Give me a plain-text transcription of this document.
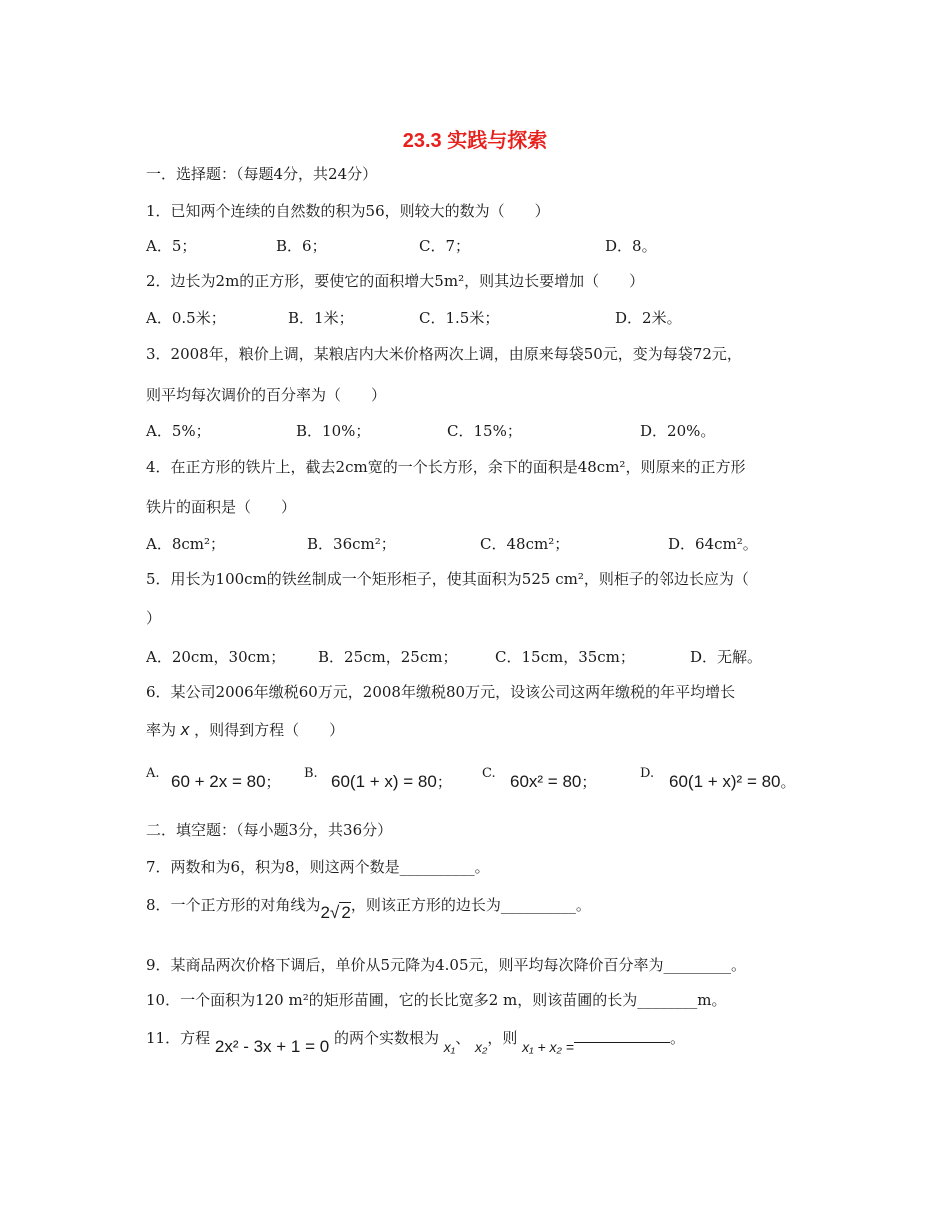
23.3 实践与探索
一．选择题：（每题4分，共24分）
1．已知两个连续的自然数的积为56，则较大的数为（　　）
A．5；	B．6；	C．7；	D．8。
2．边长为2m的正方形，要使它的面积增大5m²，则其边长要增加（　　）
A．0.5米；	B．1米；	C．1.5米；	D．2米。
3．2008年，粮价上调，某粮店内大米价格两次上调，由原来每袋50元，变为每袋72元，
则平均每次调价的百分率为（　　）
A．5%；	B．10%；	C．15%；	D．20%。
4．在正方形的铁片上，截去2cm宽的一个长方形，余下的面积是48cm²，则原来的正方形
铁片的面积是（　　）
A．8cm²；	B．36cm²；	C．48cm²；	D．64cm²。
5．用长为100cm的铁丝制成一个矩形柜子，使其面积为525 cm²，则柜子的邻边长应为（
）
A．20cm，30cm； B．25cm，25cm；	C．15cm，35cm；	D．无解。
6．某公司2006年缴税60万元，2008年缴税80万元，设该公司这两年缴税的年平均增长
率为 x ，则得到方程（　　）
A. 60 + 2x = 80； B. 60(1 + x) = 80； C. 60x² = 80；	D. 60(1 + x)² = 80。
二．填空题：（每小题3分，共36分）
7．两数和为6，积为8，则这两个数是__________。
8．一个正方形的对角线为2√ 2，则该正方形的边长为__________。
9．某商品两次价格下调后，单价从5元降为4.05元，则平均每次降价百分率为_________。
10．一个面积为120 m²的矩形苗圃，它的长比宽多2 m，则该苗圃的长为________m。
11．方程 2x² - 3x + 1 = 0 的两个实数根为 x₁、 x₂，则 x₁ + x₂ =	。
